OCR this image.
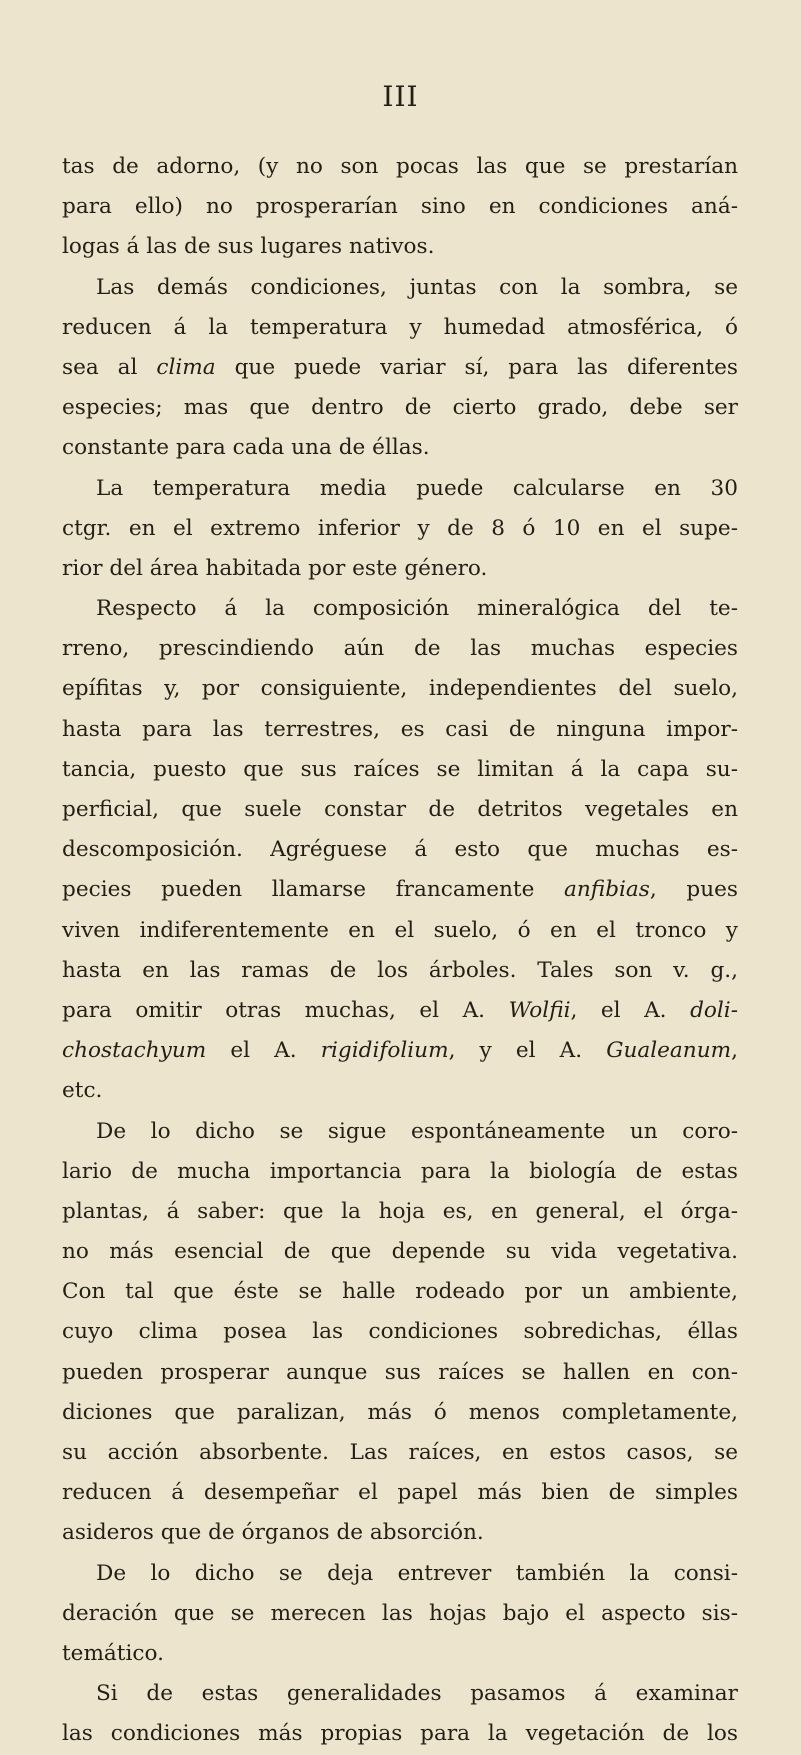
III
tas de adorno, (y no son pocas las que se prestarían
para ello) no prosperarían sino en condiciones aná-
logas á las de sus lugares nativos.
Las demás condiciones, juntas con la sombra, se
reducen á la temperatura y humedad atmosférica, ó
sea al clima que puede variar sí, para las diferentes
especies; mas que dentro de cierto grado, debe ser
constante para cada una de éllas.
La temperatura media puede calcularse en 30
ctgr. en el extremo inferior y de 8 ó 10 en el supe-
rior del área habitada por este género.
Respecto á la composición mineralógica del te-
rreno, prescindiendo aún de las muchas especies
epífitas y, por consiguiente, independientes del suelo,
hasta para las terrestres, es casi de ninguna impor-
tancia, puesto que sus raíces se limitan á la capa su-
perficial, que suele constar de detritos vegetales en
descomposición. Agréguese á esto que muchas es-
pecies pueden llamarse francamente anfibias, pues
viven indiferentemente en el suelo, ó en el tronco y
hasta en las ramas de los árboles. Tales son v. g.,
para omitir otras muchas, el A. Wolfii, el A. doli-
chostachyum el A. rigidifolium, y el A. Gualeanum,
etc.
De lo dicho se sigue espontáneamente un coro-
lario de mucha importancia para la biología de estas
plantas, á saber: que la hoja es, en general, el órga-
no más esencial de que depende su vida vegetativa.
Con tal que éste se halle rodeado por un ambiente,
cuyo clima posea las condiciones sobredichas, éllas
pueden prosperar aunque sus raíces se hallen en con-
diciones que paralizan, más ó menos completamente,
su acción absorbente. Las raíces, en estos casos, se
reducen á desempeñar el papel más bien de simples
asideros que de órganos de absorción.
De lo dicho se deja entrever también la consi-
deración que se merecen las hojas bajo el aspecto sis-
temático.
Si de estas generalidades pasamos á examinar
las condiciones más propias para la vegetación de los
